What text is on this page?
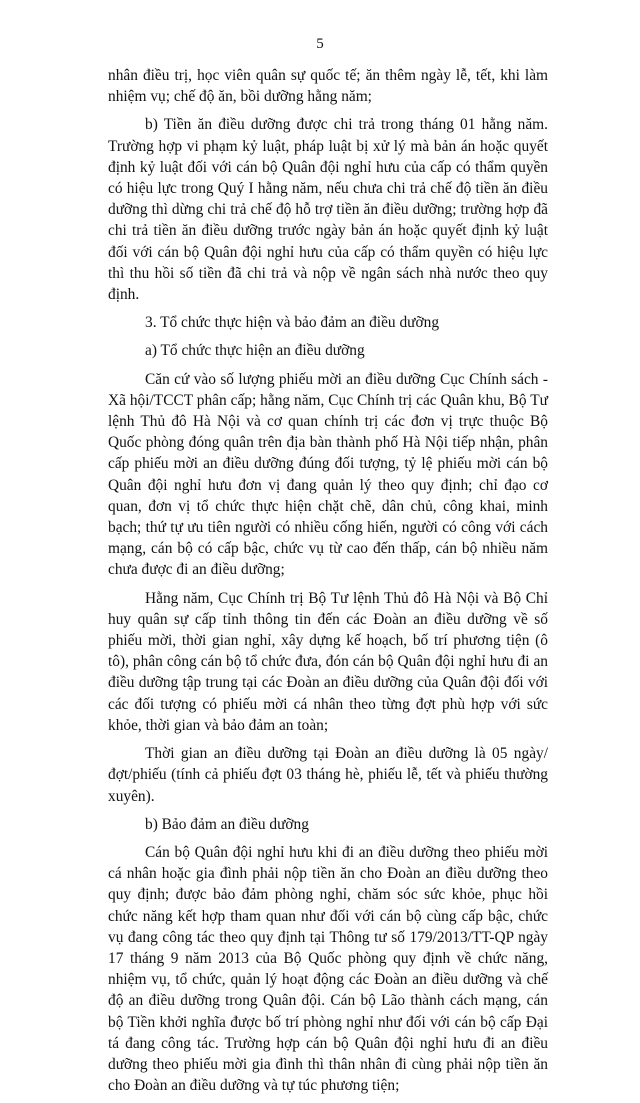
5

nhân điều trị, học viên quân sự quốc tế; ăn thêm ngày lễ, tết, khi làm nhiệm vụ; chế độ ăn, bồi dưỡng hằng năm;

b) Tiền ăn điều dưỡng được chi trả trong tháng 01 hằng năm. Trường hợp vi phạm kỷ luật, pháp luật bị xử lý mà bản án hoặc quyết định kỷ luật đối với cán bộ Quân đội nghỉ hưu của cấp có thẩm quyền có hiệu lực trong Quý I hằng năm, nếu chưa chi trả chế độ tiền ăn điều dưỡng thì dừng chi trả chế độ hỗ trợ tiền ăn điều dưỡng; trường hợp đã chi trả tiền ăn điều dưỡng trước ngày bản án hoặc quyết định kỷ luật đối với cán bộ Quân đội nghỉ hưu của cấp có thẩm quyền có hiệu lực thì thu hồi số tiền đã chi trả và nộp về ngân sách nhà nước theo quy định.

3. Tổ chức thực hiện và bảo đảm an điều dưỡng

a) Tổ chức thực hiện an điều dưỡng

Căn cứ vào số lượng phiếu mời an điều dưỡng Cục Chính sách - Xã hội/TCCT phân cấp; hằng năm, Cục Chính trị các Quân khu, Bộ Tư lệnh Thủ đô Hà Nội và cơ quan chính trị các đơn vị trực thuộc Bộ Quốc phòng đóng quân trên địa bàn thành phố Hà Nội tiếp nhận, phân cấp phiếu mời an điều dưỡng đúng đối tượng, tỷ lệ phiếu mời cán bộ Quân đội nghỉ hưu đơn vị đang quản lý theo quy định; chỉ đạo cơ quan, đơn vị tổ chức thực hiện chặt chẽ, dân chủ, công khai, minh bạch; thứ tự ưu tiên người có nhiều cống hiến, người có công với cách mạng, cán bộ có cấp bậc, chức vụ từ cao đến thấp, cán bộ nhiều năm chưa được đi an điều dưỡng;

Hằng năm, Cục Chính trị Bộ Tư lệnh Thủ đô Hà Nội và Bộ Chỉ huy quân sự cấp tỉnh thông tin đến các Đoàn an điều dưỡng về số phiếu mời, thời gian nghỉ, xây dựng kế hoạch, bố trí phương tiện (ô tô), phân công cán bộ tổ chức đưa, đón cán bộ Quân đội nghỉ hưu đi an điều dưỡng tập trung tại các Đoàn an điều dưỡng của Quân đội đối với các đối tượng có phiếu mời cá nhân theo từng đợt phù hợp với sức khỏe, thời gian và bảo đảm an toàn;

Thời gian an điều dưỡng tại Đoàn an điều dưỡng là 05 ngày/đợt/phiếu (tính cả phiếu đợt 03 tháng hè, phiếu lễ, tết và phiếu thường xuyên).

b) Bảo đảm an điều dưỡng

Cán bộ Quân đội nghỉ hưu khi đi an điều dưỡng theo phiếu mời cá nhân hoặc gia đình phải nộp tiền ăn cho Đoàn an điều dưỡng theo quy định; được bảo đảm phòng nghỉ, chăm sóc sức khỏe, phục hồi chức năng kết hợp tham quan như đối với cán bộ cùng cấp bậc, chức vụ đang công tác theo quy định tại Thông tư số 179/2013/TT-QP ngày 17 tháng 9 năm 2013 của Bộ Quốc phòng quy định về chức năng, nhiệm vụ, tổ chức, quản lý hoạt động các Đoàn an điều dưỡng và chế độ an điều dưỡng trong Quân đội. Cán bộ Lão thành cách mạng, cán bộ Tiền khởi nghĩa được bố trí phòng nghỉ như đối với cán bộ cấp Đại tá đang công tác. Trường hợp cán bộ Quân đội nghỉ hưu đi an điều dưỡng theo phiếu mời gia đình thì thân nhân đi cùng phải nộp tiền ăn cho Đoàn an điều dưỡng và tự túc phương tiện;
